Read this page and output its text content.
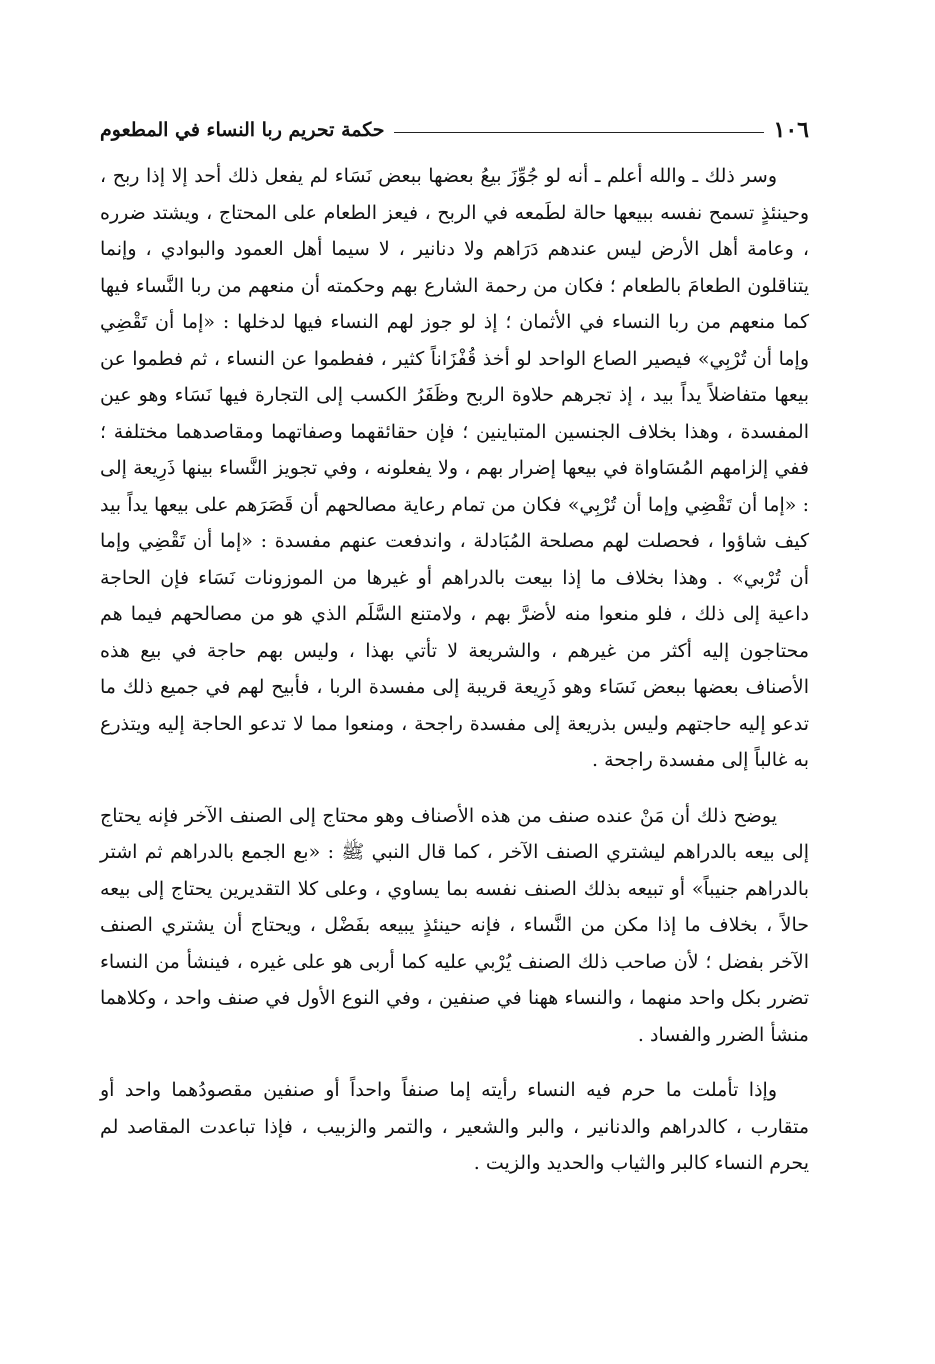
١٠٦
حكمة تحريم ربا النساء في المطعوم

وسر ذلك ـ والله أعلم ـ أنه لو جُوِّزَ بيعُ بعضها ببعض نَسَاء لم يفعل ذلك أحد إلا إذا ربح ، وحينئذٍ تسمح نفسه ببيعها حالة لطَمعه في الربح ، فيعز الطعام على المحتاج ، ويشتد ضرره ، وعامة أهل الأرض ليس عندهم دَرَاهم ولا دنانير ، لا سيما أهل العمود والبوادي ، وإنما يتناقلون الطعامَ بالطعام ؛ فكان من رحمة الشارع بهم وحكمته أن منعهم من ربا النَّساء فيها كما منعهم من ربا النساء في الأثمان ؛ إذ لو جوز لهم النساء فيها لدخلها : «إما أن تَقْضِي وإما أن تُرْبِي» فيصير الصاع الواحد لو أخذ قُفْزَاناً كثير ، ففطموا عن النساء ، ثم فطموا عن بيعها متفاضلاً يداً بيد ، إذ تجرهم حلاوة الربح وظَفَرُ الكسب إلى التجارة فيها نَسَاء وهو عين المفسدة ، وهذا بخلاف الجنسين المتباينين ؛ فإن حقائقهما وصفاتهما ومقاصدهما مختلفة ؛ ففي إلزامهم المُسَاواة في بيعها إضرار بهم ، ولا يفعلونه ، وفي تجويز النَّساء بينها ذَرِيعة إلى : «إما أن تَقْضِي وإما أن تُرْبِي» فكان من تمام رعاية مصالحهم أن قَصَرَهم على بيعها يداً بيد كيف شاؤوا ، فحصلت لهم مصلحة المُبَادلة ، واندفعت عنهم مفسدة : «إما أن تَقْضِي وإما أن تُرْبي» . وهذا بخلاف ما إذا بيعت بالدراهم أو غيرها من الموزونات نَسَاء فإن الحاجة داعية إلى ذلك ، فلو منعوا منه لأضرَّ بهم ، ولامتنع السَّلَم الذي هو من مصالحهم فيما هم محتاجون إليه أكثر من غيرهم ، والشريعة لا تأتي بهذا ، وليس بهم حاجة في بيع هذه الأصناف بعضها ببعض نَسَاء وهو ذَرِيعة قريبة إلى مفسدة الربا ، فأبيح لهم في جميع ذلك ما تدعو إليه حاجتهم وليس بذريعة إلى مفسدة راجحة ، ومنعوا مما لا تدعو الحاجة إليه ويتذرع به غالباً إلى مفسدة راجحة .

يوضح ذلك أن مَنْ عنده صنف من هذه الأصناف وهو محتاج إلى الصنف الآخر فإنه يحتاج إلى بيعه بالدراهم ليشتري الصنف الآخر ، كما قال النبي ﷺ : «بع الجمع بالدراهم ثم اشتر بالدراهم جنيباً» أو تبيعه بذلك الصنف نفسه بما يساوي ، وعلى كلا التقديرين يحتاج إلى بيعه حالاً ، بخلاف ما إذا مكن من النَّساء ، فإنه حينئذٍ يبيعه بفَضْل ، ويحتاج أن يشتري الصنف الآخر بفضل ؛ لأن صاحب ذلك الصنف يُرْبي عليه كما أربى هو على غيره ، فينشأ من النساء تضرر بكل واحد منهما ، والنساء ههنا في صنفين ، وفي النوع الأول في صنف واحد ، وكلاهما منشأ الضرر والفساد .

وإذا تأملت ما حرم فيه النساء رأيته إما صنفاً واحداً أو صنفين مقصودُهما واحد أو متقارب ، كالدراهم والدنانير ، والبر والشعير ، والتمر والزبيب ، فإذا تباعدت المقاصد لم يحرم النساء كالبر والثياب والحديد والزيت .
